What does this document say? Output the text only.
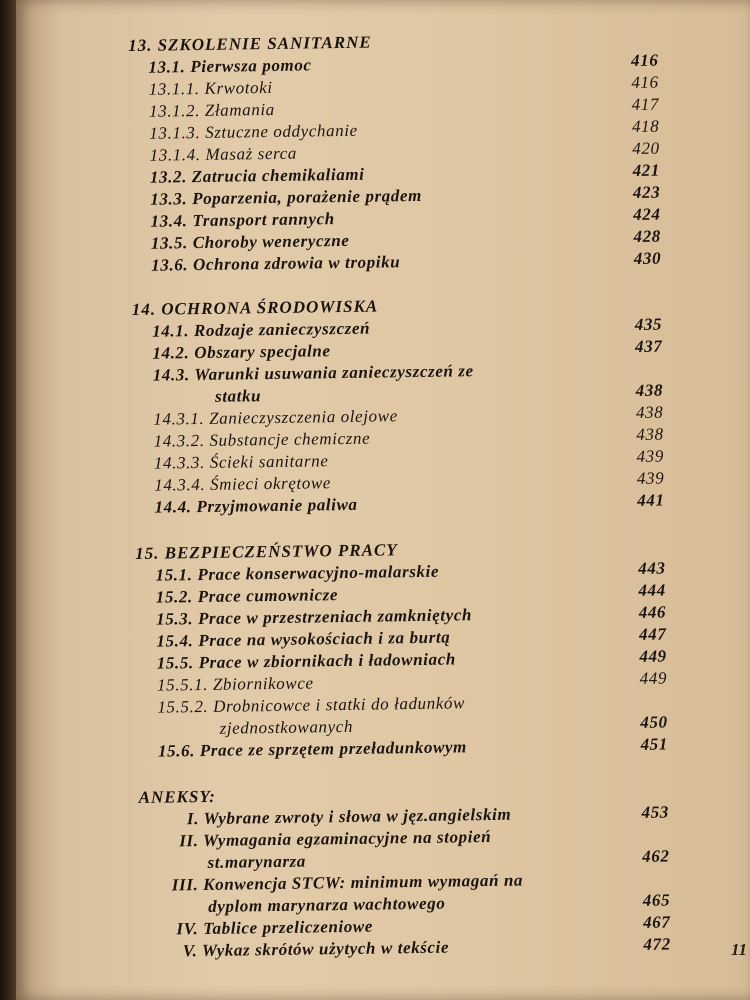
13. SZKOLENIE SANITARNE
13.1. Pierwsza pomoc	416
13.1.1. Krwotoki	416
13.1.2. Złamania	417
13.1.3. Sztuczne oddychanie	418
13.1.4. Masaż serca	420
13.2. Zatrucia chemikaliami	421
13.3. Poparzenia, porażenie prądem	423
13.4. Transport rannych	424
13.5. Choroby weneryczne	428
13.6. Ochrona zdrowia w tropiku	430
14. OCHRONA ŚRODOWISKA
14.1. Rodzaje zanieczyszczeń	435
14.2. Obszary specjalne	437
14.3. Warunki usuwania zanieczyszczeń ze
statku	438
14.3.1. Zanieczyszczenia olejowe	438
14.3.2. Substancje chemiczne	438
14.3.3. Ścieki sanitarne	439
14.3.4. Śmieci okrętowe	439
14.4. Przyjmowanie paliwa	441
15. BEZPIECZEŃSTWO PRACY
15.1. Prace konserwacyjno-malarskie	443
15.2. Prace cumownicze	444
15.3. Prace w przestrzeniach zamkniętych	446
15.4. Prace na wysokościach i za burtą	447
15.5. Prace w zbiornikach i ładowniach	449
15.5.1. Zbiornikowce	449
15.5.2. Drobnicowce i statki do ładunków
zjednostkowanych	450
15.6. Prace ze sprzętem przeładunkowym	451
ANEKSY:
I. Wybrane zwroty i słowa w jęz.angielskim	453
II. Wymagania egzaminacyjne na stopień
st.marynarza	462
III. Konwencja STCW: minimum wymagań na
dyplom marynarza wachtowego	465
IV. Tablice przeliczeniowe	467
V. Wykaz skrótów użytych w tekście	472	11
